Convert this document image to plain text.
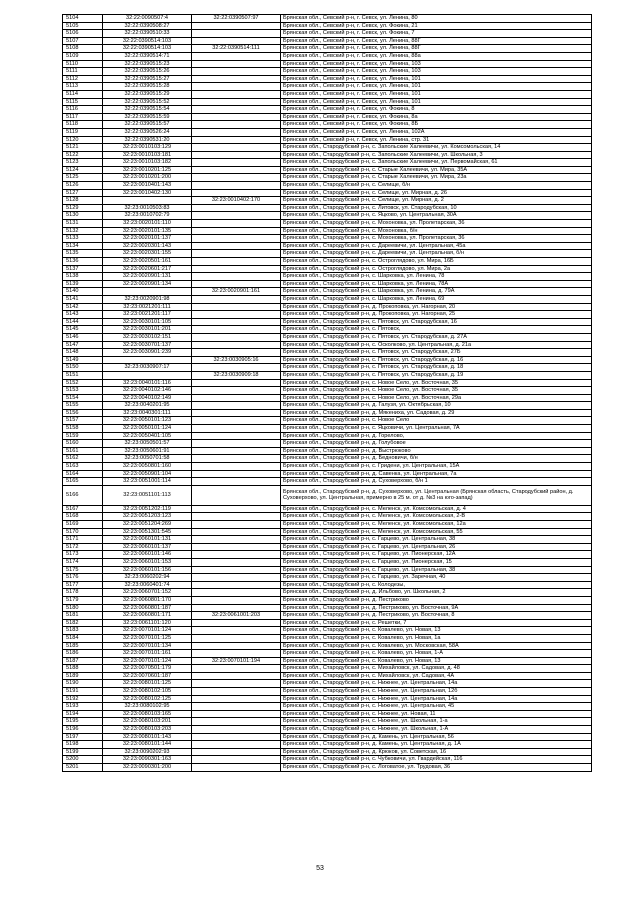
5104	32:22:0090507:4	32:22:0390507:97	Брянская обл., Севский р-н, г. Севск, ул. Ленина, 80
5105	32:22:0390508:27		Брянская обл., Севский р-н, г. Севск, ул. Фокина, 21
5106	32:22:0390510:33		Брянская обл., Севский р-н, г. Севск, ул. Фокина, 7
5107	32:22:0390514:103		Брянская обл., Севский р-н, г. Севск, ул. Ленина, 88Г
5108	32:22:0390514:103	32:22:0390514:111	Брянская обл., Севский р-н, г. Севск, ул. Ленина, 88Г
5109	32:22:0390514:71		Брянская обл., Севский р-н, г. Севск, ул. Ленина, 88а
5110	32:22:0390515:23		Брянская обл., Севский р-н, г. Севск, ул. Ленина, 103
5111	32:22:0390515:26		Брянская обл., Севский р-н, г. Севск, ул. Ленина, 103
5112	32:22:0390515:27		Брянская обл., Севский р-н, г. Севск, ул. Ленина, 101
5113	32:22:0390515:28		Брянская обл., Севский р-н, г. Севск, ул. Ленина, 101
5114	32:22:0390515:29		Брянская обл., Севский р-н, г. Севск, ул. Ленина, 101
5115	32:22:0390515:52		Брянская обл., Севский р-н, г. Севск, ул. Ленина, 101
5116	32:22:0390515:54		Брянская обл., Севский р-н, г. Севск, ул. Фокина, 8
5117	32:22:0390515:59		Брянская обл., Севский р-н, г. Севск, ул. Фокина, 8а
5118	32:22:0390515:57		Брянская обл., Севский р-н, г. Севск, ул. Фокина, 8Б
5119	32:22:0390526:24		Брянская обл., Севский р-н, г. Севск, ул. Ленина, 102А
5120	32:22:0390531:20		Брянская обл., Севский р-н, г. Севск, ул. Ленина, стр. 31
5121	32:23:0010103:129		Брянская обл., Стародубский р-н, с. Запольские Халеевичи, ул. Комсомольская, 14
5122	32:23:0010103:181		Брянская обл., Стародубский р-н, с. Запольские Халеевичи, ул. Школьная, 3
5123	32:23:0010103:182		Брянская обл., Стародубский р-н, с. Запольские Халеевичи, ул. Первомайская, 61
5124	32:23:0010201:125		Брянская обл., Стародубский р-н, с. Старые Халеевичи, ул. Мира, 35А
5125	32:23:0010201:200		Брянская обл., Стародубский р-н, с. Старые Халеевичи, ул. Мира, 23а
5126	32:23:0010401:143		Брянская обл., Стародубский р-н, с. Селище, б/н
5127	32:23:0010402:130		Брянская обл., Стародубский р-н, с. Селище, ул. Мирная, д. 26
5128		32:23:0010402:170	Брянская обл., Стародубский р-н, с. Селище, ул. Мирная, д. 2
5129	32:23:0010503:83		Брянская обл., Стародубский р-н, с. Литовск, ул. Стародубская, 10
5130	32:23:0010702:79		Брянская обл., Стародубский р-н, с. Яцково, ул. Центральная, 30А
5131	32:23:0020101:110		Брянская обл., Стародубский р-н, с. Мохоновка, ул. Пролетарская, 36
5132	32:23:0020101:135		Брянская обл., Стародубский р-н, с. Мохоновка, б/н
5133	32:23:0020101:137		Брянская обл., Стародубский р-н, с. Мохоновка, ул. Пролетарская, 36
5134	32:23:0020301:143		Брянская обл., Стародубский р-н, с. Дареевичи, ул. Центральная, 45а
5135	32:23:0020301:155		Брянская обл., Стародубский р-н, с. Дареевичи, ул. Центральная, б/н
5136	32:23:0020501:161		Брянская обл., Стародубский р-н, с. Остроглядово, ул. Мира, 16Б
5137	32:23:0020601:217		Брянская обл., Стародубский р-н, с. Остроглядово, ул. Мира, 2а
5138	32:23:0020901:131		Брянская обл., Стародубский р-н, с. Шарковка, ул. Ленина, 78
5139	32:23:0020901:134		Брянская обл., Стародубский р-н, с. Шарковка, ул. Ленина, 78А
5140		32:23:0020901:161	Брянская обл., Стародубский р-н, с. Шарковка, ул. Ленина, д. 79А
5141	32:23:0020901:98		Брянская обл., Стародубский р-н, с. Шарковка, ул. Ленина, 69
5142	32:23:0021201:111		Брянская обл., Стародубский р-н, д. Прокоповка, ул. Нагорная, 20
5143	32:23:0021201:117		Брянская обл., Стародубский р-н, д. Прокоповка, ул. Нагорная, 25
5144	32:23:0030101:105		Брянская обл., Стародубский р-н, с. Пятовск, ул. Стародубская, 16
5145	32:23:0030101:201		Брянская обл., Стародубский р-н, с. Пятовск,
5146	32:23:0030102:151		Брянская обл., Стародубский р-н, с. Пятовск, ул. Стародубская, д. 27А
5147	32:23:0030701:137		Брянская обл., Стародубский р-н, с. Осколково, ул. Центральная, д. 21а
5148	32:23:0030901:239		Брянская обл., Стародубский р-н, с. Пятовск, ул. Стародубская, 27Б
5149		32:23:0030905:16	Брянская обл., Стародубский р-н, с. Пятовск, ул. Стародубская, д. 16
5150	32:23:0030907:17		Брянская обл., Стародубский р-н, с. Пятовск, ул. Стародубская, д. 18
5151		32:23:0030909:18	Брянская обл., Стародубский р-н, с. Пятовск, ул. Стародубская, д. 19
5152	32:23:0040101:116		Брянская обл., Стародубский р-н, с. Новое Село, ул. Восточная, 35
5153	32:23:0040102:146		Брянская обл., Стародубский р-н, с. Новое Село, ул. Восточная, 35
5154	32:23:0040102:149		Брянская обл., Стародубский р-н, с. Новое Село, ул. Восточная, 29а
5155	32:23:0040201:95		Брянская обл., Стародубский р-н, д. Галузя, ул. Октябрьская, 10
5156	32:23:0040301:111		Брянская обл., Стародубский р-н, д. Мякениха, ул. Садовая, д. 29
5157	32:23:0050101:123		Брянская обл., Стародубский р-н, с. Новое Село
5158	32:23:0050101:124		Брянская обл., Стародубский р-н, с. Яцковичи, ул. Центральная, 7А
5159	32:23:0050401:105		Брянская обл., Стародубский р-н, д. Горелово,
5160	32:23:0050501:57		Брянская обл., Стародубский р-н, д. Голубовое
5161	32:23:0050601:91		Брянская обл., Стародубский р-н, д. Выстрюково
5162	32:23:0050701:58		Брянская обл., Стародубский р-н, д. Бедновичи, б/н
5163	32:23:0050801:160		Брянская обл., Стародубский р-н, с. Гридени, ул. Центральная, 15А
5164	32:23:0050901:104		Брянская обл., Стародубский р-н, д. Савенка, ул. Центральная, 7а
5165	32:23:0051001:114		Брянская обл., Стародубский р-н, д. Суховерхово, б/н 1
5166	32:23:0051101:113		Брянская обл., Стародубский р-н, д. Суховерхово, ул. Центральная (Брянская область, Стародубский район, д. Суховерхово, ул. Центральная, примерно в 25 м. от д. №3 на юго-запад)
5167	32:23:0051202:119		Брянская обл., Стародубский р-н, с. Меленск, ул. Комсомольская, д. 4
5168	32:23:0051203:123		Брянская обл., Стародубский р-н, с. Меленск, ул. Комсомольская, 2-В
5169	32:23:0051204:269		Брянская обл., Стародубский р-н, с. Меленск, ул. Комсомольская, 12а
5170	32:23:0051301:545		Брянская обл., Стародубский р-н, с. Меленск, ул. Комсомольская, 55
5171	32:23:0060101:131		Брянская обл., Стародубский р-н, с. Гарцево, ул. Центральная, 38
5172	32:23:0060101:137		Брянская обл., Стародубский р-н, с. Гарцево, ул. Центральная, 26
5173	32:23:0060101:146		Брянская обл., Стародубский р-н, с. Гарцево, ул. Пионерская, 12А
5174	32:23:0060101:153		Брянская обл., Стародубский р-н, с. Гарцево, ул. Пионерская, 15
5175	32:23:0060101:156		Брянская обл., Стародубский р-н, с. Гарцево, ул. Центральная, 38
5176	32:23:0060202:94		Брянская обл., Стародубский р-н, с. Гарцево, ул. Заречная, 40
5177	32:23:0060401:74		Брянская обл., Стародубский р-н, с. Колодезы,
5178	32:23:0060701:152		Брянская обл., Стародубский р-н, д. Ильбово, ул. Школьная, 2
5179	32:23:0060801:170		Брянская обл., Стародубский р-н, д. Пестриково
5180	32:23:0060801:187		Брянская обл., Стародубский р-н, д. Пестриково, ул. Восточная, 9А
5181	32:23:0060801:171	32:23:0061001:203	Брянская обл., Стародубский р-н, д. Пестриково, ул. Восточная, 8
5182	32:23:0061101:120		Брянская обл., Стародубский р-н, с. Решетки, 7
5183	32:23:0070101:124		Брянская обл., Стародубский р-н, с. Ковалево, ул. Новая, 13
5184	32:23:0070101:125		Брянская обл., Стародубский р-н, с. Ковалево, ул. Новая, 1а
5185	32:23:0070101:134		Брянская обл., Стародубский р-н, с. Ковалево, ул. Московская, 58А
5186	32:23:0070101:161		Брянская обл., Стародубский р-н, с. Ковалево, ул. Новая, 1-А
5187	32:23:0070101:124	32:23:0070101:194	Брянская обл., Стародубский р-н, с. Ковалево, ул. Новая, 13
5188	32:23:0070501:179		Брянская обл., Стародубский р-н, с. Михайловск, ул. Садовая, д. 48
5189	32:23:0070601:187		Брянская обл., Стародубский р-н, с. Михайловск, ул. Садовая, 4А
5190	32:23:0080101:125		Брянская обл., Стародубский р-н, с. Нижнее, ул. Центральная, 14а
5191	32:23:0080102:105		Брянская обл., Стародубский р-н, с. Нижнее, ул. Центральная, 12б
5192	32:23:0080102:125		Брянская обл., Стародубский р-н, с. Нижнее, ул. Центральная, 14а
5193	32:23:0080102:95		Брянская обл., Стародубский р-н, с. Нижнее, ул. Центральная, 45
5194	32:23:0080103:165		Брянская обл., Стародубский р-н, с. Нижнее, ул. Новая, 11
5195	32:23:0080103:201		Брянская обл., Стародубский р-н, с. Нижнее, ул. Школьная, 1-а
5196	32:23:0080103:203		Брянская обл., Стародубский р-н, с. Нижнее, ул. Школьная, 1-А
5197	32:23:0080101:143		Брянская обл., Стародубский р-н, д. Камень, ул. Центральная, 56
5198	32:23:0080101:144		Брянская обл., Стародубский р-н, д. Камень, ул. Центральная, д. 1А
5199	32:23:0090202:93		Брянская обл., Стародубский р-н, д. Крюков, ул. Советская, 16
5200	32:23:0090301:163		Брянская обл., Стародубский р-н, с. Чубковичи, ул. Гвардейская, 116
5201	32:23:0090301:200		Брянская обл., Стародубский р-н, с. Логоватое, ул. Трудовая, 36
53
